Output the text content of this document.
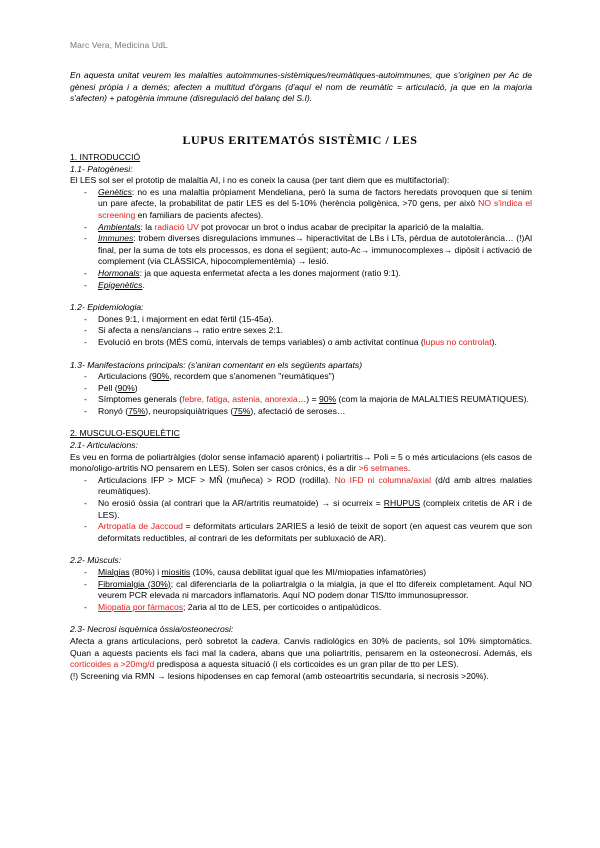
Marc Vera, Medicina UdL
En aquesta unitat veurem les malalties autoimmunes-sistèmiques/reumàtiques-autoimmunes, que s'originen per Ac de gènesi pròpia i a demés; afecten a multitud d'òrgans (d'aquí el nom de reumàtic = articulació, ja que en la majoria s'afecten) + patogènia immune (disregulació del balanç del S.I).
LUPUS ERITEMATÓS SISTÈMIC / LES
1. INTRODUCCIÓ
1.1- Patogènesi:
El LES sol ser el prototip de malaltia AI, i no es coneix la causa (per tant diem que es multifactorial):
- Genètics: no es una malaltia pròpiament Mendeliana, però la suma de factors heredats provoquen que si tenim un pare afecte, la probabilitat de patir LES es del 5-10% (herència poligènica, >70 gens, per això NO s'indica el screening en familiars de pacients afectes).
- Ambientals: la radiació UV pot provocar un brot o indus acabar de precipitar la aparició de la malaltia.
- Immunes: trobem diverses disregulacions immunes→ hiperactivitat de LBs i LTs, pèrdua de autotolerància… (!)Al final, per la suma de tots els processos, es dona el següent; auto-Ac→ immunocomplexes→ dipòsit i activació de complement (via CLÀSSICA, hipocomplementèmia) → lesió.
- Hormonals: ja que aquesta enfermetat afecta a les dones majorment (ratio 9:1).
- Epigenètics.
1.2- Epidemiologia:
- Dones 9:1, i majorment en edat fèrtil (15-45a).
- Si afecta a nens/ancians→ ratio entre sexes 2:1.
- Evolució en brots (MÉS comú, intervals de temps variables) o amb activitat contínua (lupus no controlat).
1.3- Manifestacions principals: (s'aniran comentant en els següents apartats)
- Articulacions (90%, recordem que s'anomenen "reumàtiques")
- Pell (90%)
- Símptomes generals (febre, fatiga, astenia, anorexia…) = 90% (com la majoria de MALALTIES REUMÀTIQUES).
- Ronyó (75%), neuropsiquiàtriques (75%), afectació de seroses…
2. MUSCULO-ESQUELÈTIC
2.1- Articulacions:
Es veu en forma de poliartràlgies (dolor sense infamació aparent) i poliartritis→ Poli = 5 o més articulacions (els casos de mono/oligo-artritis NO pensarem en LES). Solen ser casos crònics, és a dir >6 setmanes.
- Articulacions IFP > MCF > MÑ (muñeca) > ROD (rodilla). No IFD ni columna/axial (d/d amb altres malaties reumàtiques).
- No erosió òssia (al contrari que la AR/artritis reumatoide) → si ocurreix = RHUPUS (compleix critetis de AR i de LES).
- Artropatía de Jaccoud = deformitats articulars 2ARIES a lesió de teixit de soport (en aquest cas veurem que son deformitats reductibles, al contrari de les deformitats per subluxació de AR).
2.2- Músculs:
- Mialgias (80%) i miositis (10%, causa debilitat igual que les MI/miopaties infamatòries)
- Fibromialgia (30%); cal diferenciarla de la poliartralgia o la mialgia, ja que el tto difereix completament. Aquí NO veurem PCR elevada ni marcadors inflamatoris. Aquí NO podem donar TIS/tto immunosupressor.
- Miopatia por fármacos; 2aria al tto de LES, per corticoides o antipalúdicos.
2.3- Necrosi isquèmica òssia/osteonecrosi:
Afecta a grans articulacions, però sobretot la cadera. Canvis radiològics en 30% de pacients, sol 10% simptomàtics. Quan a aquests pacients els faci mal la cadera, abans que una poliartritis, pensarem en la osteonecrosi. Además, els corticoides a >20mg/d predisposa a aquesta situació (i els corticoides es un gran pilar de tto per LES).
(!) Screening via RMN → lesions hipodenses en cap femoral (amb osteoartritis secundaria, si necrosis >20%).
